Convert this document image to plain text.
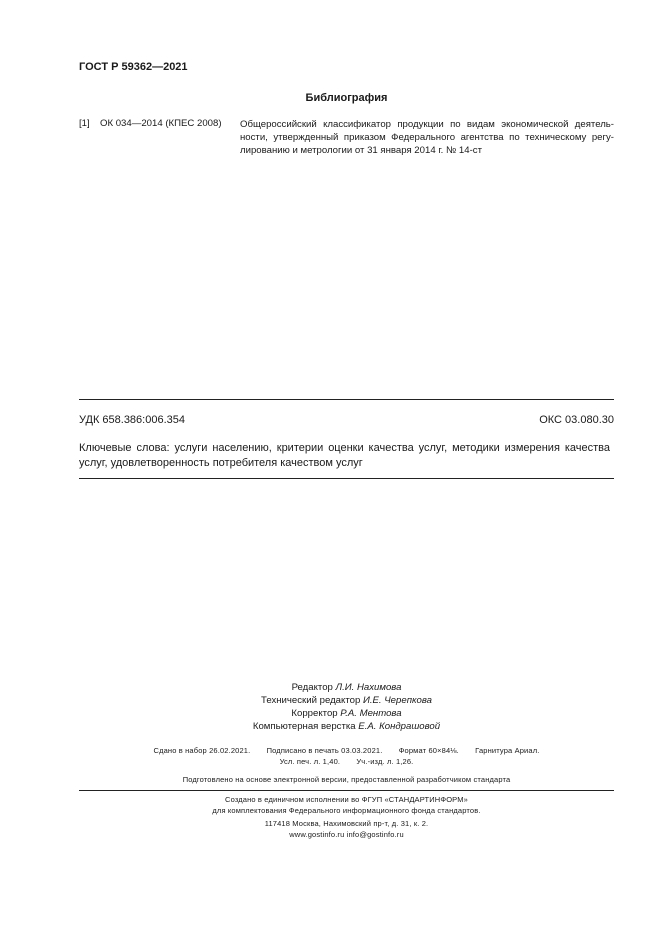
ГОСТ Р 59362—2021
Библиография
[1] ОК 034—2014 (КПЕС 2008) Общероссийский классификатор продукции по видам экономической деятель-ности, утвержденный приказом Федерального агентства по техническому регу-лированию и метрологии от 31 января 2014 г. № 14-ст
УДК 658.386:006.354	ОКС 03.080.30
Ключевые слова: услуги населению, критерии оценки качества услуг, методики измерения качества услуг, удовлетворенность потребителя качеством услуг
Редактор Л.И. Нахимова
Технический редактор И.Е. Черепкова
Корректор Р.А. Ментова
Компьютерная верстка Е.А. Кондрашовой
Сдано в набор 26.02.2021. Подписано в печать 03.03.2021. Формат 60×84⅛. Гарнитура Ариал.
Усл. печ. л. 1,40. Уч.-изд. л. 1,26.
Подготовлено на основе электронной версии, предоставленной разработчиком стандарта
Создано в единичном исполнении во ФГУП «СТАНДАРТИНФОРМ»
для комплектования Федерального информационного фонда стандартов.
117418 Москва, Нахимовский пр-т, д. 31, к. 2.
www.gostinfo.ru info@gostinfo.ru
